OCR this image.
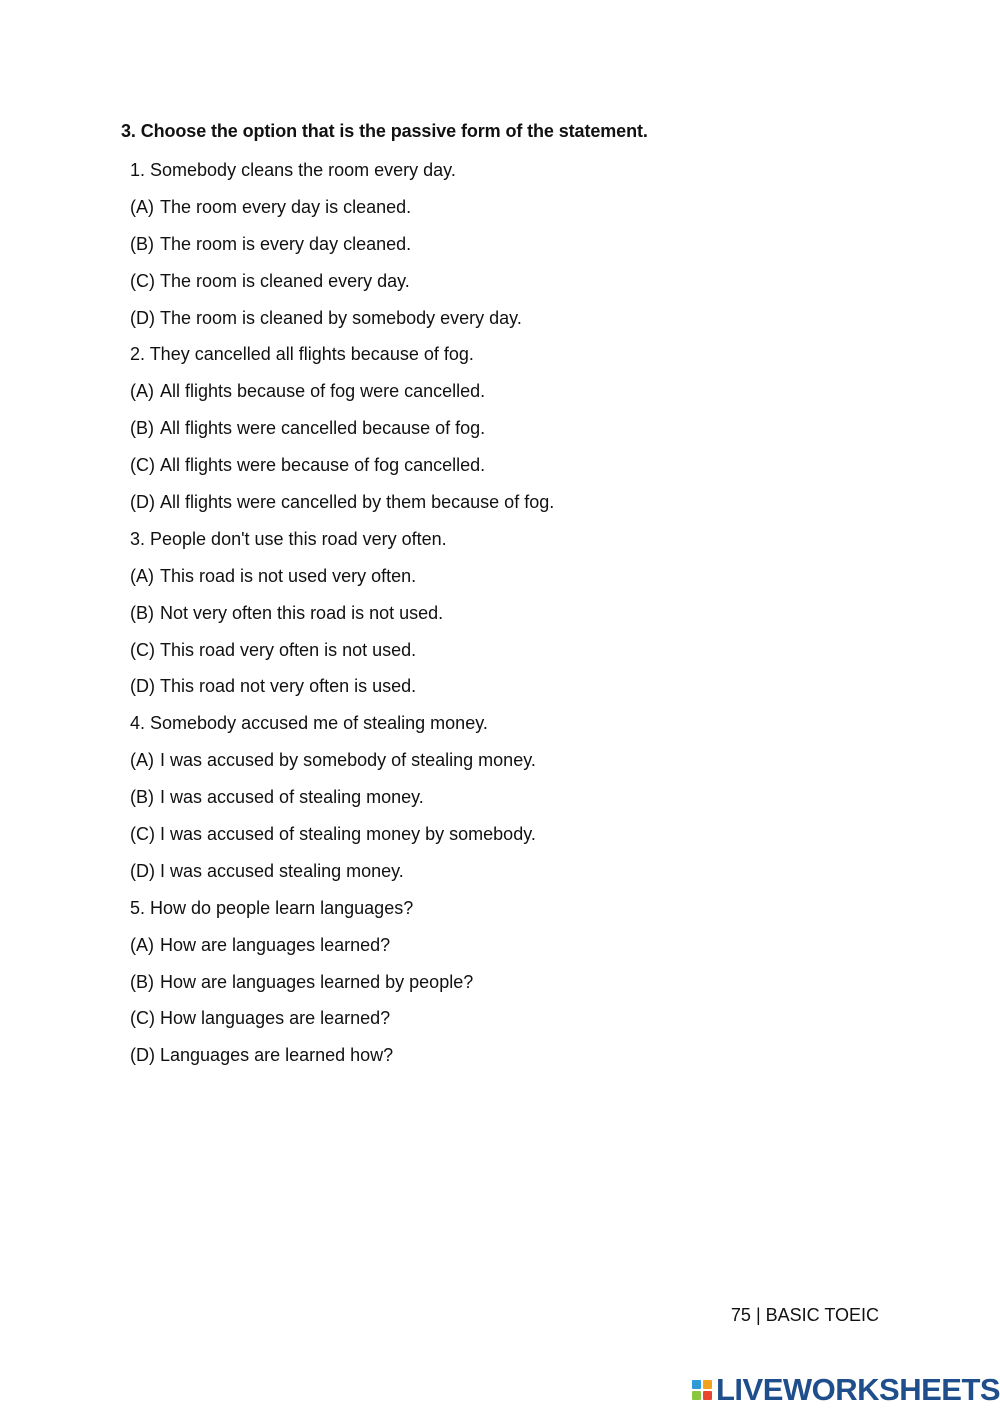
3. Choose the option that is the passive form of the statement.
1. Somebody cleans the room every day.
(A) The room every day is cleaned.
(B) The room is every day cleaned.
(C) The room is cleaned every day.
(D) The room is cleaned by somebody every day.
2. They cancelled all flights because of fog.
(A) All flights because of fog were cancelled.
(B) All flights were cancelled because of fog.
(C) All flights were because of fog cancelled.
(D) All flights were cancelled by them because of fog.
3. People don't use this road very often.
(A) This road is not used very often.
(B) Not very often this road is not used.
(C) This road very often is not used.
(D) This road not very often is used.
4. Somebody accused me of stealing money.
(A) I was accused by somebody of stealing money.
(B) I was accused of stealing money.
(C) I was accused of stealing money by somebody.
(D) I was accused stealing money.
5. How do people learn languages?
(A) How are languages learned?
(B) How are languages learned by people?
(C) How languages are learned?
(D) Languages are learned how?
75 | BASIC TOEIC
LIVEWORKSHEETS
